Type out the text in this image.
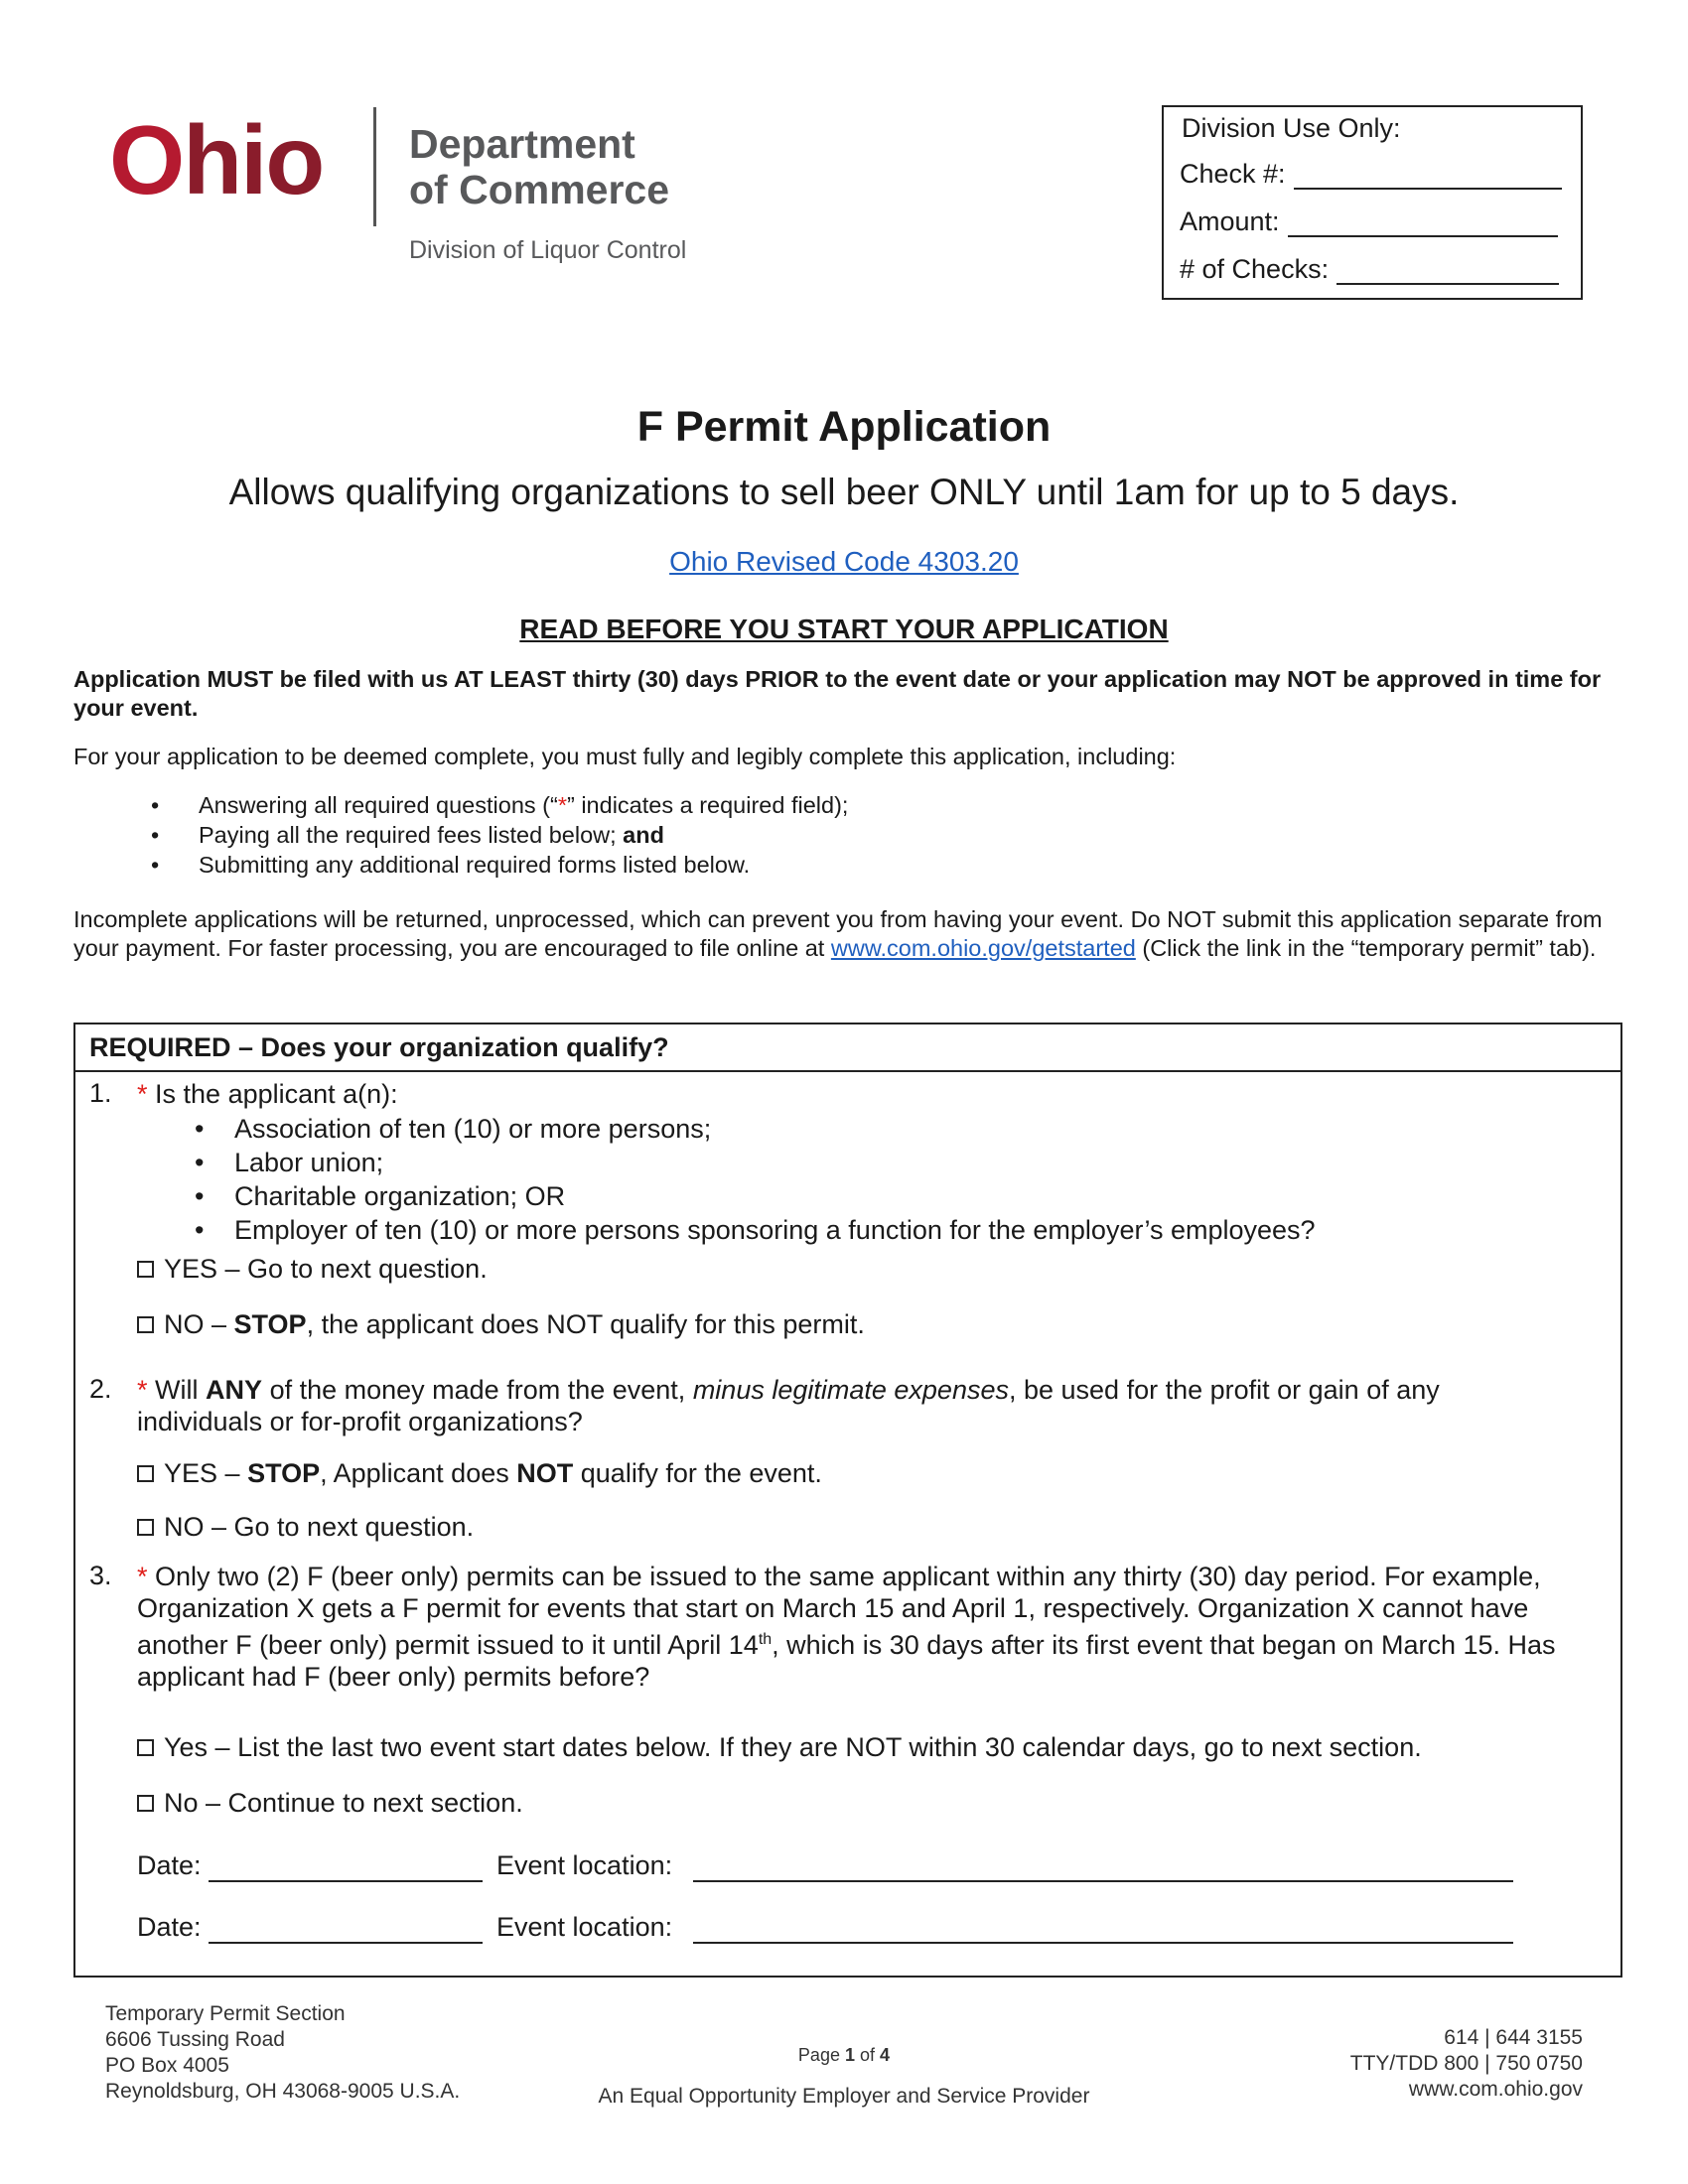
Ohio Department
of Commerce
Division of Liquor Control
Division Use Only:
Check #:
Amount:
# of Checks:
F Permit Application
Allows qualifying organizations to sell beer ONLY until 1am for up to 5 days.
Ohio Revised Code 4303.20
READ BEFORE YOU START YOUR APPLICATION
Application MUST be filed with us AT LEAST thirty (30) days PRIOR to the event date or your application may NOT be approved in time for your event.
For your application to be deemed complete, you must fully and legibly complete this application, including:
• Answering all required questions (“*” indicates a required field);
• Paying all the required fees listed below; and
• Submitting any additional required forms listed below.
Incomplete applications will be returned, unprocessed, which can prevent you from having your event. Do NOT submit this application separate from your payment. For faster processing, you are encouraged to file online at www.com.ohio.gov/getstarted (Click the link in the “temporary permit” tab).
REQUIRED – Does your organization qualify?
1. * Is the applicant a(n):
• Association of ten (10) or more persons;
• Labor union;
• Charitable organization; OR
• Employer of ten (10) or more persons sponsoring a function for the employer’s employees?
YES – Go to next question.
NO –
STOP , the applicant does NOT qualify for this permit.
2. * Will ANY of the money made from the event, minus legitimate expenses, be used for the profit or gain of any individuals or for-profit organizations?
YES –
STOP , Applicant does
NOT
qualify for the event.
NO – Go to next question.
3. * Only two (2) F (beer only) permits can be issued to the same applicant within any thirty (30) day period. For example, Organization X gets a F permit for events that start on March 15 and April 1, respectively. Organization X cannot have another F (beer only) permit issued to it until April 14th, which is 30 days after its first event that began on March 15. Has applicant had F (beer only) permits before?
Yes – List the last two event start dates below. If they are NOT within 30 calendar days, go to next section.
No – Continue to next section.
Date:	Event location:
Date:	Event location:
Temporary Permit Section
6606 Tussing Road
PO Box 4005
Reynoldsburg, OH 43068-9005 U.S.A.
Page 1 of 4
An Equal Opportunity Employer and Service Provider
614 | 644 3155
TTY/TDD 800 | 750 0750
www.com.ohio.gov
